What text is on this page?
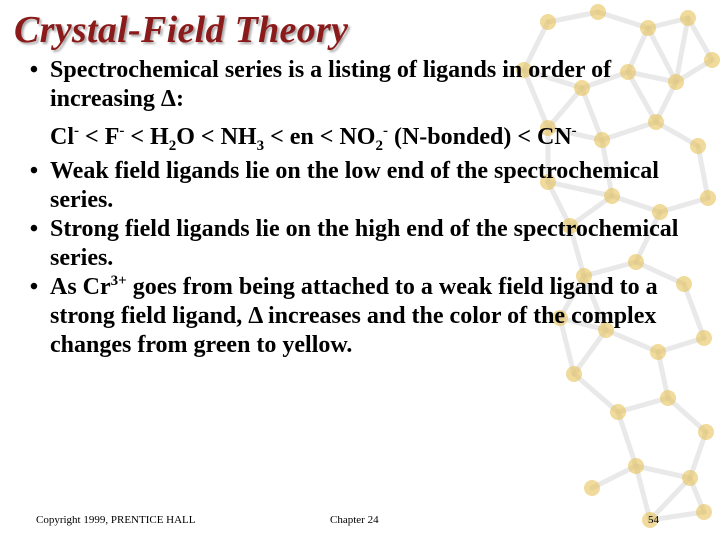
Crystal-Field Theory
• Spectrochemical series is a listing of ligands in order of increasing Δ:
$Cl^- < F^- < H_2O < NH_3$ < en < $NO_2^-$ (N-bonded) < CN-
• Weak field ligands lie on the low end of the spectrochemical series.
• Strong field ligands lie on the high end of the spectrochemical series.
• As $Cr^{3+}$ goes from being attached to a weak field ligand to a strong field ligand, Δ increases and the color of the complex changes from green to yellow.
Copyright 1999, PRENTICE HALL	Chapter 24	54
